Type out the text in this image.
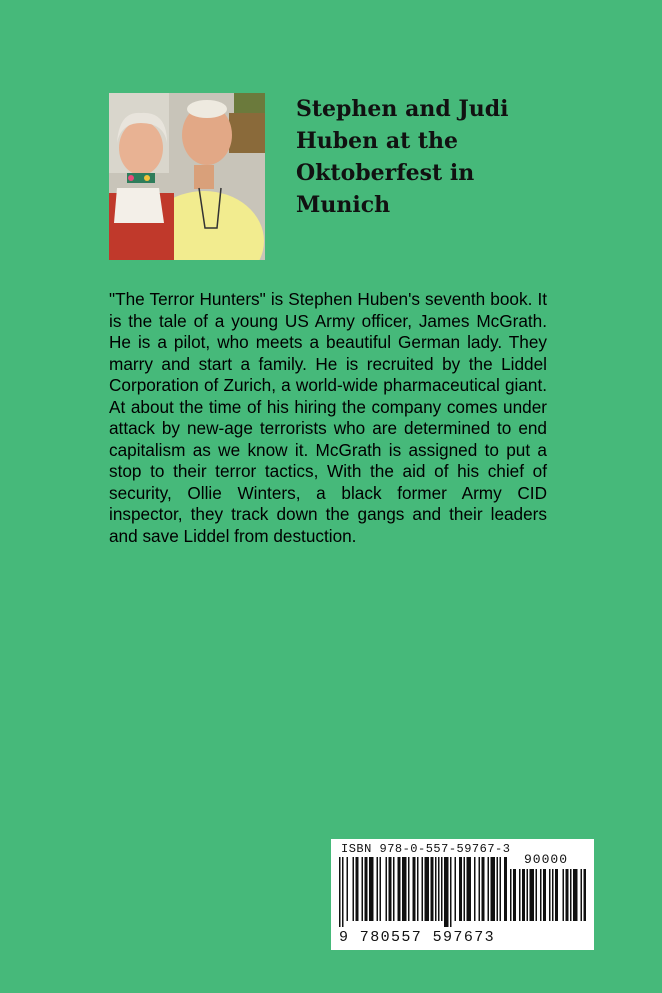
Stephen and Judi Huben at the Oktoberfest in Munich

"The Terror Hunters" is Stephen Huben's seventh book. It is the tale of a young US Army officer, James McGrath. He is a pilot, who meets a beautiful German lady. They marry and start a family. He is recruited by the Liddel Corporation of Zurich, a world-wide pharmaceutical giant. At about the time of his hiring the company comes under attack by new-age terrorists who are determined to end capitalism as we know it. McGrath is assigned to put a stop to their terror tactics, With the aid of his chief of security, Ollie Winters, a black former Army CID inspector, they track down the gangs and their leaders and save Liddel from destuction.

ISBN 978-0-557-59767-3
90000
9 780557 597673
